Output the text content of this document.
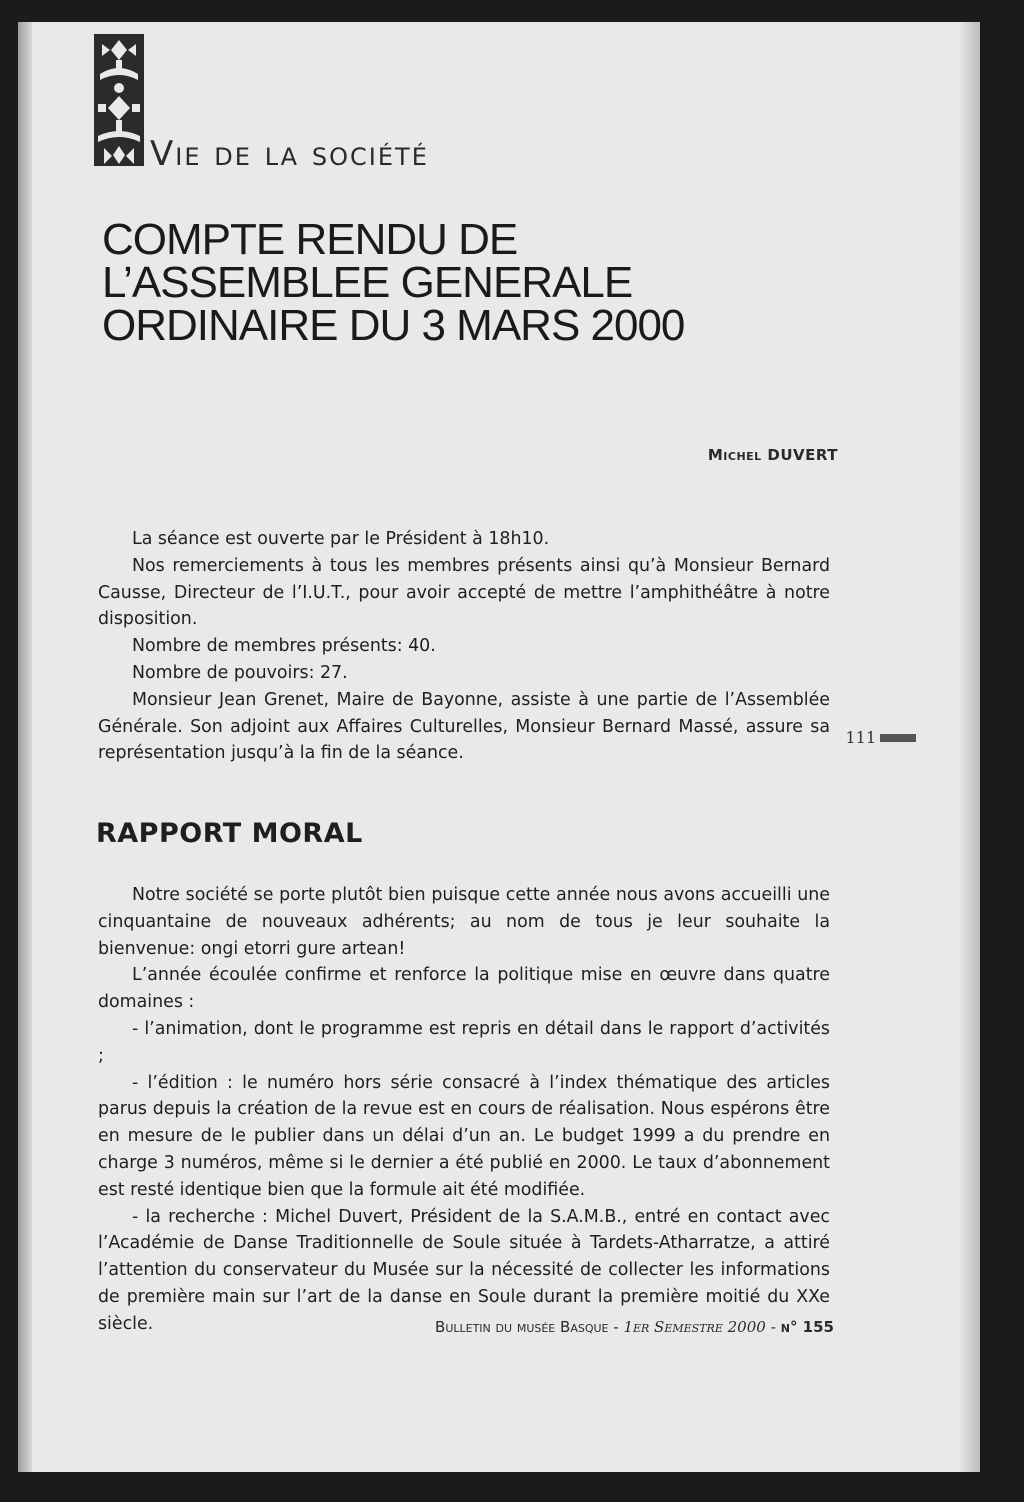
Vie de la société
COMPTE RENDU DE
L’ASSEMBLEE GENERALE
ORDINAIRE DU 3 MARS 2000
Michel DUVERT

La séance est ouverte par le Président à 18h10.

Nos remerciements à tous les membres présents ainsi qu’à Monsieur Bernard Causse, Directeur de l’I.U.T., pour avoir accepté de mettre l’amphithéâtre à notre disposition.

Nombre de membres présents: 40.

Nombre de pouvoirs: 27.

Monsieur Jean Grenet, Maire de Bayonne, assiste à une partie de l’Assemblée Générale. Son adjoint aux Affaires Culturelles, Monsieur Bernard Massé, assure sa représentation jusqu’à la fin de la séance.

RAPPORT MORAL

Notre société se porte plutôt bien puisque cette année nous avons accueilli une cinquantaine de nouveaux adhérents; au nom de tous je leur souhaite la bienvenue: ongi etorri gure artean!

L’année écoulée confirme et renforce la politique mise en œuvre dans quatre domaines :

- l’animation, dont le programme est repris en détail dans le rapport d’activités ;

- l’édition : le numéro hors série consacré à l’index thématique des articles parus depuis la création de la revue est en cours de réalisation. Nous espérons être en mesure de le publier dans un délai d’un an. Le budget 1999 a du prendre en charge 3 numéros, même si le dernier a été publié en 2000. Le taux d’abonnement est resté identique bien que la formule ait été modifiée.

- la recherche : Michel Duvert, Président de la S.A.M.B., entré en contact avec l’Académie de Danse Traditionnelle de Soule située à Tardets-Atharratze, a attiré l’attention du conservateur du Musée sur la nécessité de collecter les informations de première main sur l’art de la danse en Soule durant la première moitié du XXe siècle.

111
Bulletin du musée Basque - 1er Semestre 2000 - n° 155
